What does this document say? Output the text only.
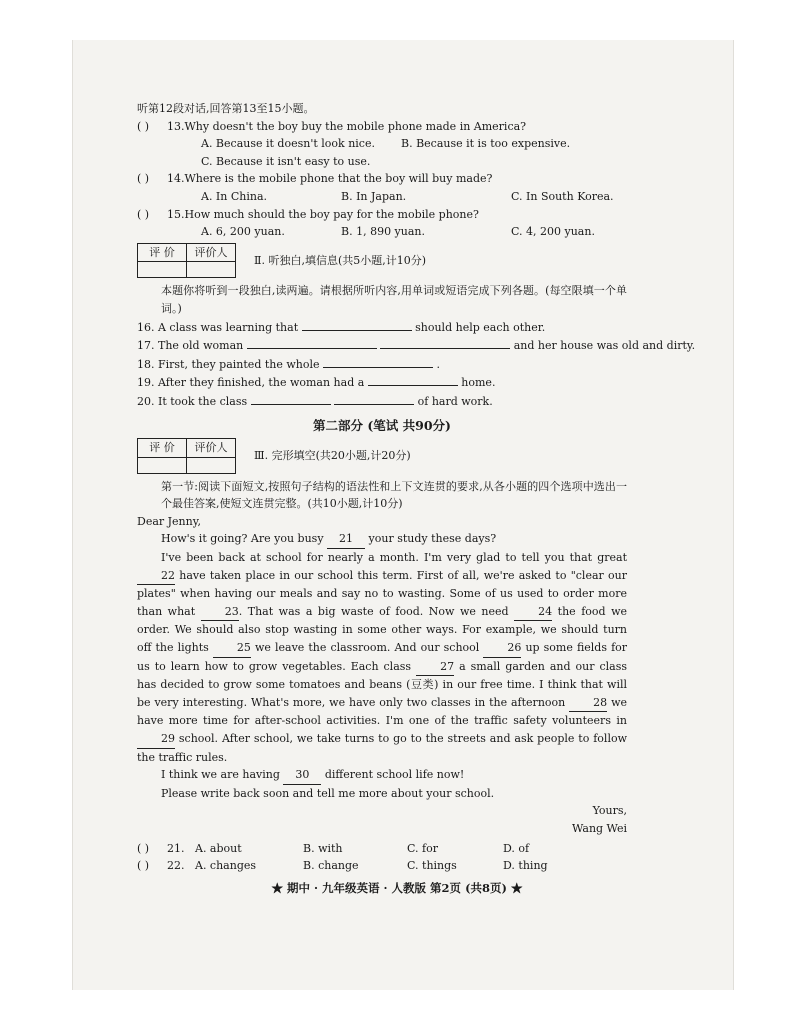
听第12段对话,回答第13至15小题。
( )	13. Why doesn't the boy buy the mobile phone made in America?
A. Because it doesn't look nice.	B. Because it is too expensive.
C. Because it isn't easy to use.
( )	14. Where is the mobile phone that the boy will buy made?
A. In China.	B. In Japan.	C. In South Korea.
( )	15. How much should the boy pay for the mobile phone?
A. 6, 200 yuan.	B. 1, 890 yuan.	C. 4, 200 yuan.
评 价	评价人

Ⅱ. 听独白,填信息(共5小题,计10分)
本题你将听到一段独白,读两遍。请根据所听内容,用单词或短语完成下列各题。(每空限填一个单词。)
16. A class was learning that	should help each other.
17. The old woman	and her house was old and dirty.
18. First, they painted the whole	.
19. After they finished, the woman had a	home.
20. It took the class	of hard work.
第二部分 (笔试 共90分)
评 价	评价人

Ⅲ. 完形填空(共20小题,计20分)
第一节:阅读下面短文,按照句子结构的语法性和上下文连贯的要求,从各小题的四个选项中选出一个最佳答案,使短文连贯完整。(共10小题,计10分)
Dear Jenny,
How's it going? Are you busy 21 your study these days?
I've been back at school for nearly a month. I'm very glad to tell you that great 22 have taken place in our school this term. First of all, we're asked to "clear our plates" when having our meals and say no to wasting. Some of us used to order more than what	23. That was a big waste of food. Now we need	24 the food we order. We should also stop wasting in some other ways. For example, we should turn off the lights	25 we leave the classroom. And our school	26 up some fields for us to learn how to grow vegetables. Each class	27 a small garden and our class has decided to grow some tomatoes and beans (豆类) in our free time. I think that will be very interesting. What's more, we have only two classes in the afternoon	28 we have more time for after-school activities. I'm one of the traffic safety volunteers in 29 school. After school, we take turns to go to the streets and ask people to follow the traffic rules.
I think we are having 30 different school life now!
Please write back soon and tell me more about your school.
Yours,
Wang Wei
( )	21. A. about	B. with	C. for	D. of
( )	22. A. changes	B. change	C. things	D. thing
★ 期中 · 九年级英语 · 人教版 第2页 (共8页) ★
